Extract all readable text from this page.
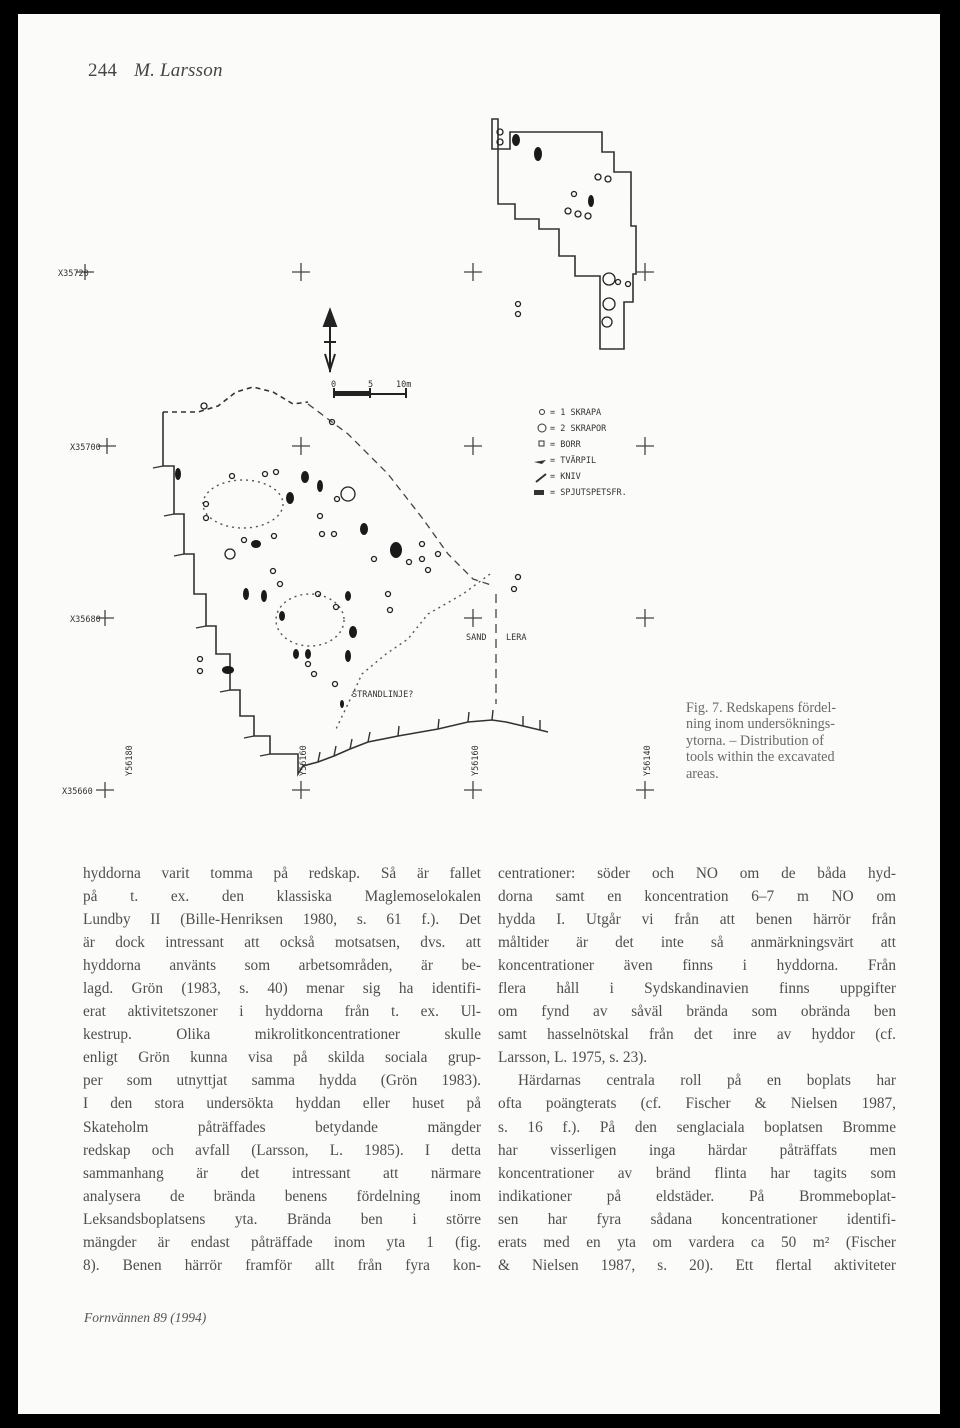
244 M. Larsson
X35720
X35700
X35680
X35660
Y56160	Y56160	Y56140
Y56180
0	5	10m
SAND LERA
STRANDLINJE?
= 1 SKRAPA
= 2 SKRAPOR
= BORR
= TVÄRPIL
= KNIV
= SPJUTSPETSFR.
Fig. 7. Redskapens fördel-
ning inom undersöknings-
ytorna. – Distribution of
tools within the excavated
areas.

hyddorna varit tomma på redskap. Så är fallet

på t. ex. den klassiska Maglemoselokalen

Lundby II (Bille-Henriksen 1980, s. 61 f.). Det

är dock intressant att också motsatsen, dvs. att

hyddorna använts som arbetsområden, är be-

lagd. Grön (1983, s. 40) menar sig ha identifi-

erat aktivitetszoner i hyddorna från t. ex. Ul-

kestrup. Olika mikrolitkoncentrationer skulle

enligt Grön kunna visa på skilda sociala grup-

per som utnyttjat samma hydda (Grön 1983).

I den stora undersökta hyddan eller huset på

Skateholm påträffades betydande mängder

redskap och avfall (Larsson, L. 1985). I detta

sammanhang är det intressant att närmare

analysera de brända benens fördelning inom

Leksandsboplatsens yta. Brända ben i större

mängder är endast påträffade inom yta 1 (fig.

8). Benen härrör framför allt från fyra kon-

centrationer: söder och NO om de båda hyd-

dorna samt en koncentration 6–7 m NO om

hydda I. Utgår vi från att benen härrör från

måltider är det inte så anmärkningsvärt att

koncentrationer även finns i hyddorna. Från

flera håll i Sydskandinavien finns uppgifter

om fynd av såväl brända som obrända ben

samt hasselnötskal från det inre av hyddor (cf.

Larsson, L. 1975, s. 23).

Härdarnas centrala roll på en boplats har

ofta poängterats (cf. Fischer & Nielsen 1987,

s. 16 f.). På den senglaciala boplatsen Bromme

har visserligen inga härdar påträffats men

koncentrationer av bränd flinta har tagits som

indikationer på eldstäder. På Brommeboplat-

sen har fyra sådana koncentrationer identifi-

erats med en yta om vardera ca 50 m² (Fischer

& Nielsen 1987, s. 20). Ett flertal aktiviteter

Fornvännen 89 (1994)
